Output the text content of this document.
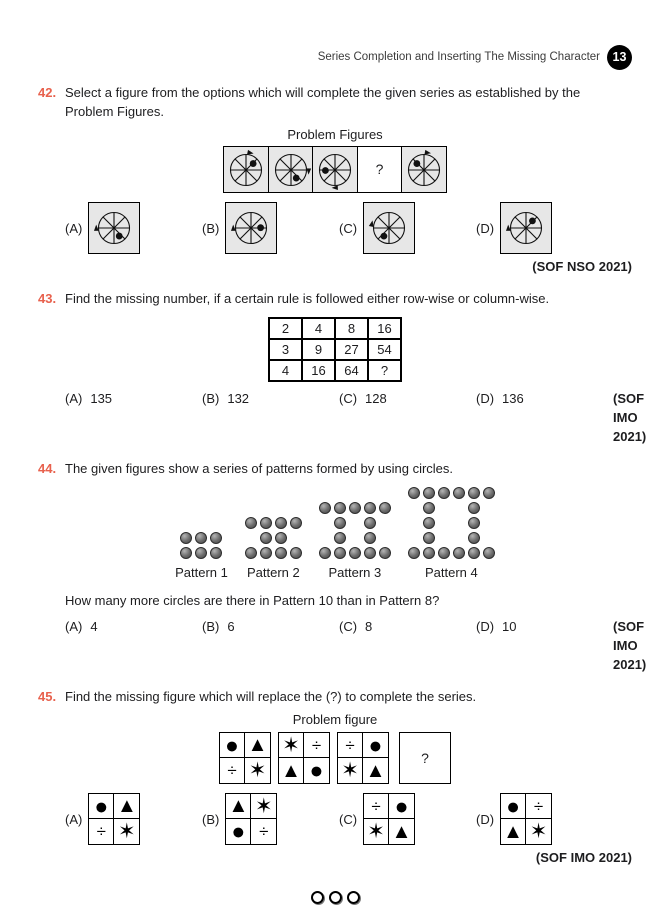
Series Completion and Inserting The Missing Character	13
42. Select a figure from the options which will complete the given series as established by the Problem Figures.
Problem Figures
?
(A)	(B)	(C)	(D)
(SOF NSO 2021)
43. Find the missing number, if a certain rule is followed either row-wise or column-wise.
2	4	8	16
3	9	27	54
4	16	64	?
(A) 135	(B) 132	(C) 128	(D) 136	(SOF IMO 2021)
44. The given figures show a series of patterns formed by using circles.
Pattern 1 Pattern 2 Pattern 3	Pattern 4
How many more circles are there in Pattern 10 than in Pattern 8?
(A) 4	(B) 6	(C) 8	(D) 10	(SOF IMO 2021)
45. Find the missing figure which will replace the (?) to complete the series.
Problem figure
● ▲
÷ ✶
✶ ÷
▲ ●
÷ ●
✶ ▲
?
(A)
● ▲
÷ ✶
(B)
▲ ✶
● ÷
(C)
÷ ●
✶ ▲
(D)
● ÷
▲ ✶
(SOF IMO 2021)
